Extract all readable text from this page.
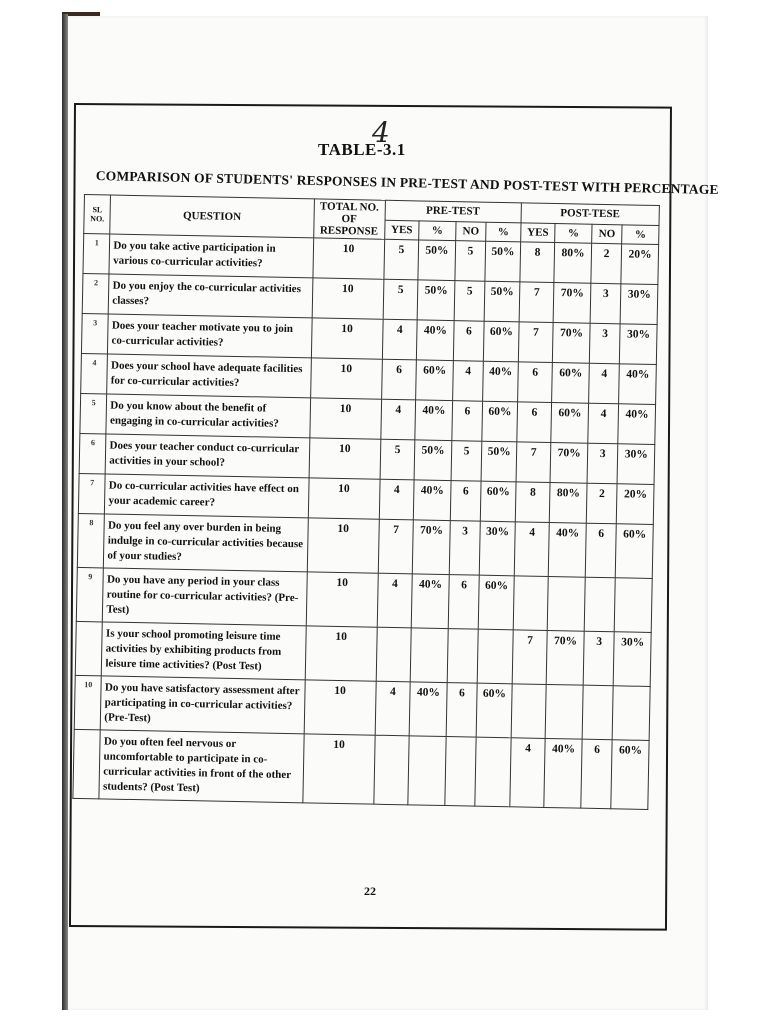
TABLE-3.1
4
COMPARISON OF STUDENTS' RESPONSES IN PRE-TEST AND POST-TEST WITH PERCENTAGE
SL NO.	QUESTION	TOTAL NO. OF RESPONSE	PRE-TEST				POST-TESE			
			YES	%	NO	%	YES	%	NO	%
1	Do you take active participation in various co-curricular activities?	10	5	50%	5	50%	8	80%	2	20%
2	Do you enjoy the co-curricular activities classes?	10	5	50%	5	50%	7	70%	3	30%
3	Does your teacher motivate you to join co-curricular activities?	10	4	40%	6	60%	7	70%	3	30%
4	Does your school have adequate facilities for co-curricular activities?	10	6	60%	4	40%	6	60%	4	40%
5	Do you know about the benefit of engaging in co-curricular activities?	10	4	40%	6	60%	6	60%	4	40%
6	Does your teacher conduct co-curricular activities in your school?	10	5	50%	5	50%	7	70%	3	30%
7	Do co-curricular activities have effect on your academic career?	10	4	40%	6	60%	8	80%	2	20%
8	Do you feel any over burden in being indulge in co-curricular activities because of your studies?	10	7	70%	3	30%	4	40%	6	60%
9	Do you have any period in your class routine for co-curricular activities? (Pre-Test)	10	4	40%	6	60%				
	Is your school promoting leisure time activities by exhibiting products from leisure time activities? (Post Test)	10					7	70%	3	30%
10	Do you have satisfactory assessment after participating in co-curricular activities? (Pre-Test)	10	4	40%	6	60%				
	Do you often feel nervous or uncomfortable to participate in co-curricular activities in front of the other students? (Post Test)	10					4	40%	6	60%
22
